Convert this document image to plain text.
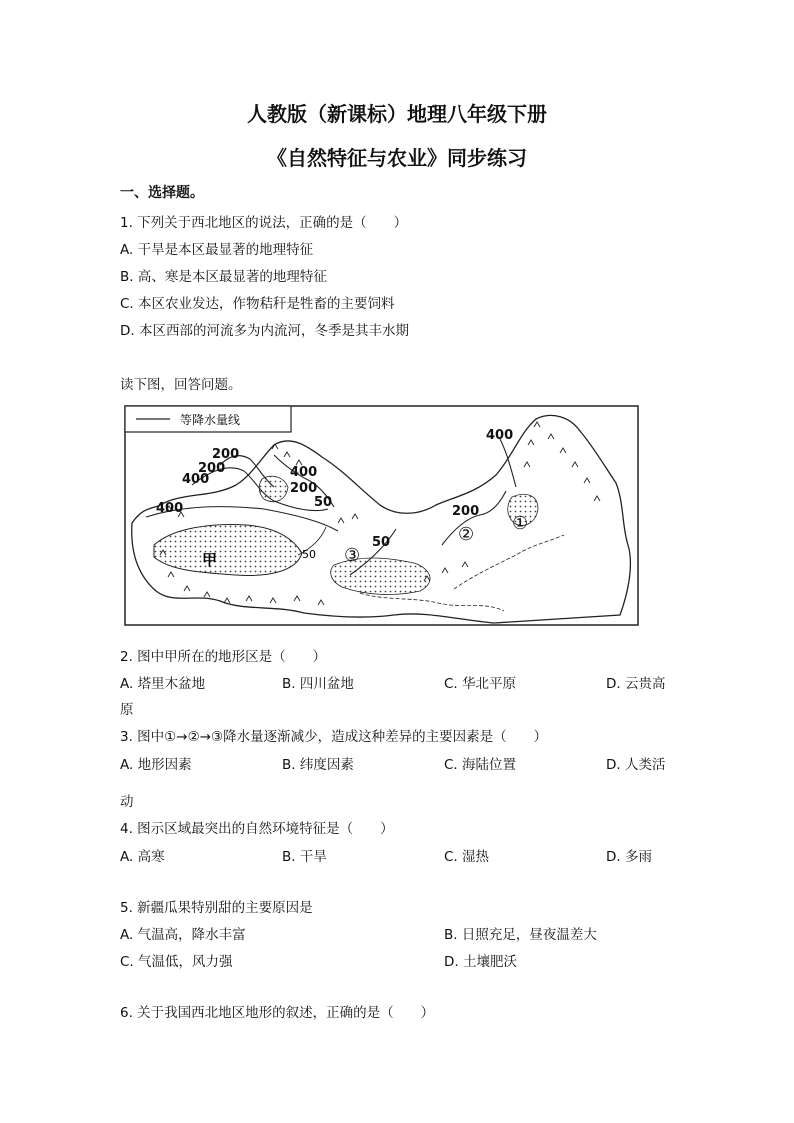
人教版（新课标）地理八年级下册
《自然特征与农业》同步练习
一、选择题。
1. 下列关于西北地区的说法，正确的是（　　）
A. 干旱是本区最显著的地理特征
B. 高、寒是本区最显著的地理特征
C. 本区农业发达，作物秸秆是牲畜的主要饲料
D. 本区西部的河流多为内流河，冬季是其丰水期
读下图，回答问题。
等降水量线
400
200
200
400	400
200
50
400	200
50
50
甲
①
②
③
2. 图中甲所在的地形区是（　　）
A. 塔里木盆地	B. 四川盆地	C. 华北平原	D. 云贵高
原
3. 图中①→②→③降水量逐渐减少，造成这种差异的主要因素是（　　）
A. 地形因素	B. 纬度因素	C. 海陆位置	D. 人类活
动
4. 图示区域最突出的自然环境特征是（　　）
A. 高寒	B. 干旱	C. 湿热	D. 多雨
5. 新疆瓜果特别甜的主要原因是
A. 气温高，降水丰富	B. 日照充足，昼夜温差大
C. 气温低，风力强	D. 土壤肥沃
6. 关于我国西北地区地形的叙述，正确的是（　　）
